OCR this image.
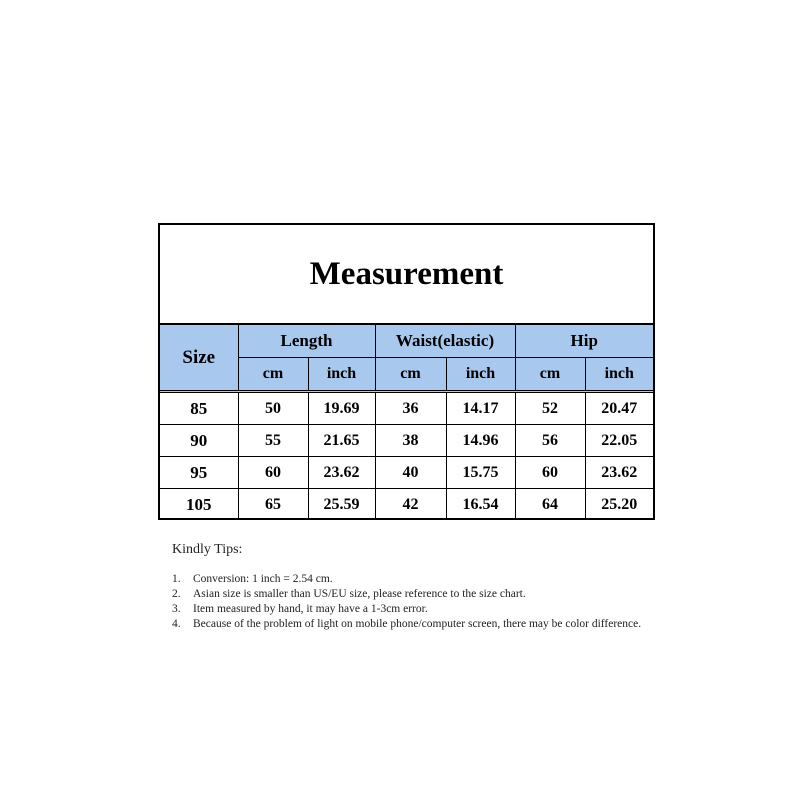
Measurement
Size	Length		Waist(elastic)		Hip	
	cm	inch	cm	inch	cm	inch
85	50	19.69	36	14.17	52	20.47
90	55	21.65	38	14.96	56	22.05
95	60	23.62	40	15.75	60	23.62
105	65	25.59	42	16.54	64	25.20
Kindly Tips:
1.	Conversion: 1 inch = 2.54 cm.
2.	Asian size is smaller than US/EU size, please reference to the size chart.
3.	Item measured by hand, it may have a 1-3cm error.
4.	Because of the problem of light on mobile phone/computer screen, there may be color difference.
